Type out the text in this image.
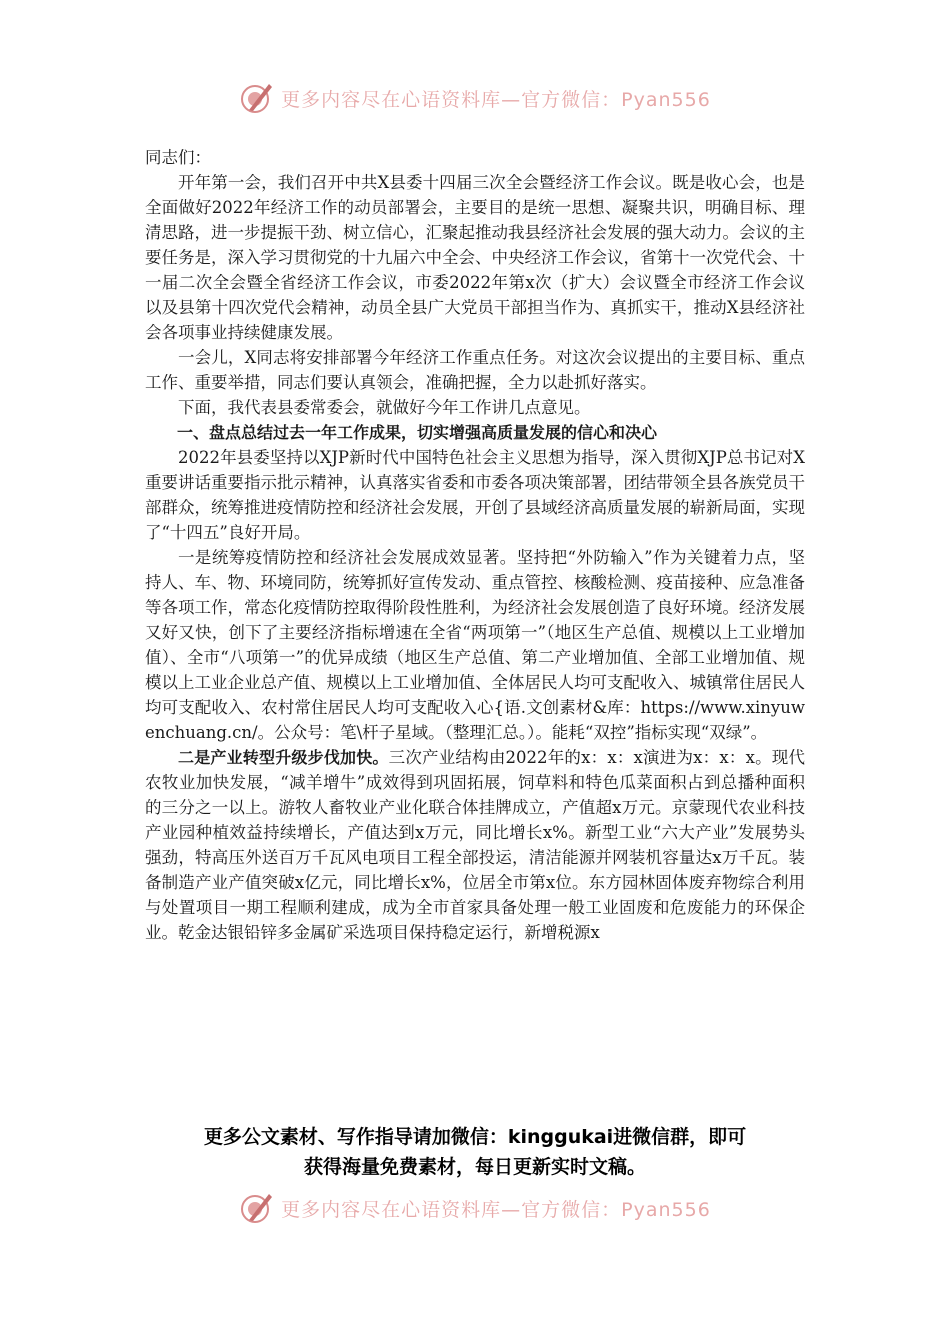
更多内容尽在心语资料库—官方微信：Pyan556

同志们：

开年第一会，我们召开中共X县委十四届三次全会暨经济工作会议。既是收心会，也是全面做好2022年经济工作的动员部署会，主要目的是统一思想、凝聚共识，明确目标、理清思路，进一步提振干劲、树立信心，汇聚起推动我县经济社会发展的强大动力。会议的主要任务是，深入学习贯彻党的十九届六中全会、中央经济工作会议，省第十一次党代会、十一届二次全会暨全省经济工作会议，市委2022年第x次（扩大）会议暨全市经济工作会议以及县第十四次党代会精神，动员全县广大党员干部担当作为、真抓实干，推动X县经济社会各项事业持续健康发展。

一会儿，X同志将安排部署今年经济工作重点任务。对这次会议提出的主要目标、重点工作、重要举措，同志们要认真领会，准确把握，全力以赴抓好落实。

下面，我代表县委常委会，就做好今年工作讲几点意见。

一、盘点总结过去一年工作成果，切实增强高质量发展的信心和决心

2022年县委坚持以XJP新时代中国特色社会主义思想为指导，深入贯彻XJP总书记对X重要讲话重要指示批示精神，认真落实省委和市委各项决策部署，团结带领全县各族党员干部群众，统筹推进疫情防控和经济社会发展，开创了县域经济高质量发展的崭新局面，实现了“十四五”良好开局。

一是统筹疫情防控和经济社会发展成效显著。坚持把“外防输入”作为关键着力点，坚持人、车、物、环境同防，统筹抓好宣传发动、重点管控、核酸检测、疫苗接种、应急准备等各项工作，常态化疫情防控取得阶段性胜利，为经济社会发展创造了良好环境。经济发展又好又快，创下了主要经济指标增速在全省“两项第一”（地区生产总值、规模以上工业增加值）、全市“八项第一”的优异成绩（地区生产总值、第二产业增加值、全部工业增加值、规模以上工业企业总产值、规模以上工业增加值、全体居民人均可支配收入、城镇常住居民人均可支配收入、农村常住居民人均可支配收入心{语.文创素材&库：https://www.xinyuwenchuang.cn/。公众号：笔\杆子星域。（整理汇总。）。能耗“双控”指标实现“双绿”。

二是产业转型升级步伐加快。三次产业结构由2022年的x：x：x演进为x：x：x。现代农牧业加快发展，“减羊增牛”成效得到巩固拓展，饲草料和特色瓜菜面积占到总播种面积的三分之一以上。游牧人畜牧业产业化联合体挂牌成立，产值超x万元。京蒙现代农业科技产业园种植效益持续增长，产值达到x万元，同比增长x%。新型工业“六大产业”发展势头强劲，特高压外送百万千瓦风电项目工程全部投运，清洁能源并网装机容量达x万千瓦。装备制造产业产值突破x亿元，同比增长x%，位居全市第x位。东方园林固体废弃物综合利用与处置项目一期工程顺利建成，成为全市首家具备处理一般工业固废和危废能力的环保企业。乾金达银铅锌多金属矿采选项目保持稳定运行，新增税源x

更多公文素材、写作指导请加微信：kinggukai进微信群，即可
获得海量免费素材，每日更新实时文稿。
更多内容尽在心语资料库—官方微信：Pyan556
